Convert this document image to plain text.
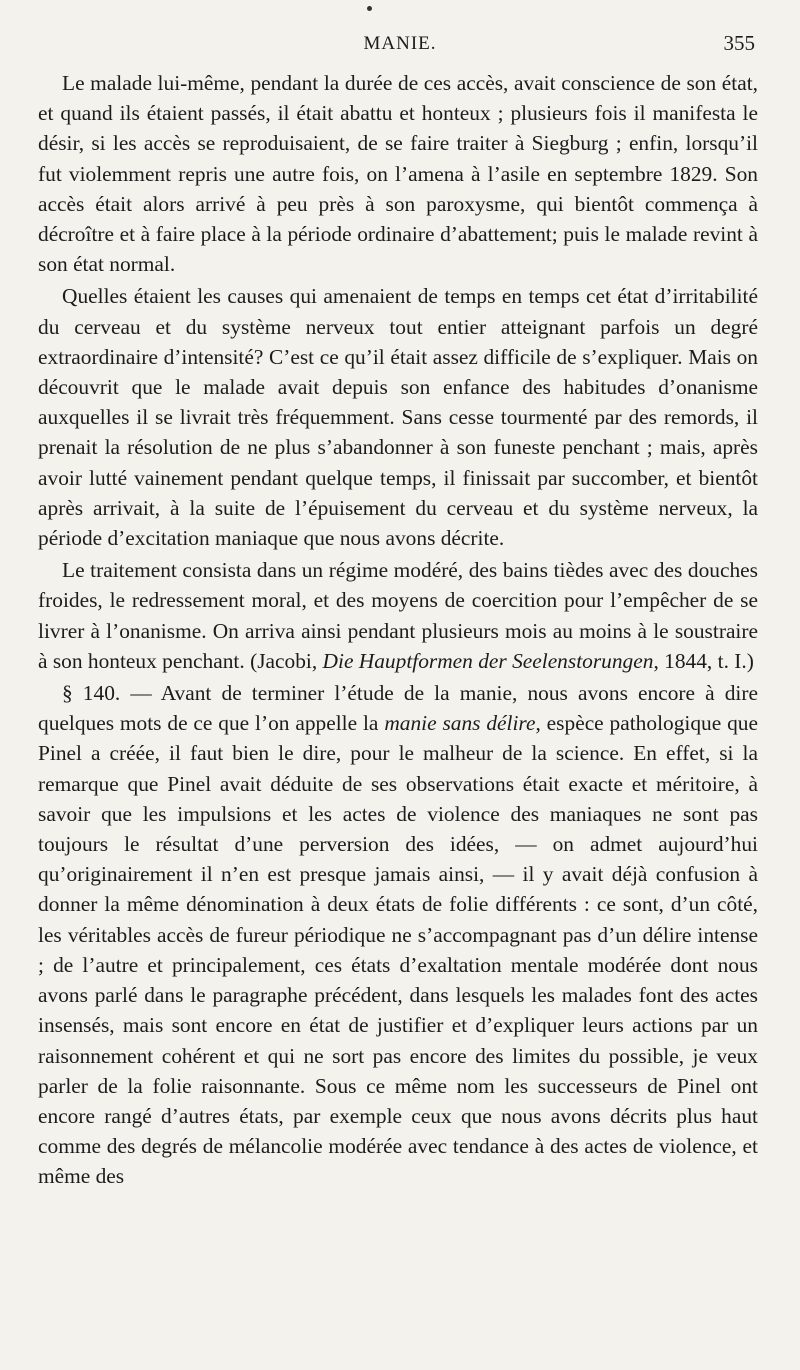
MANIE.	355

Le malade lui-même, pendant la durée de ces accès, avait conscience de son état, et quand ils étaient passés, il était abattu et honteux ; plusieurs fois il manifesta le désir, si les accès se reproduisaient, de se faire traiter à Siegburg ; enfin, lorsqu’il fut violemment repris une autre fois, on l’amena à l’asile en septembre 1829. Son accès était alors arrivé à peu près à son paroxysme, qui bientôt commença à décroître et à faire place à la période ordinaire d’abattement; puis le malade revint à son état normal.

Quelles étaient les causes qui amenaient de temps en temps cet état d’irritabilité du cerveau et du système nerveux tout entier atteignant parfois un degré extraordinaire d’intensité? C’est ce qu’il était assez difficile de s’expliquer. Mais on découvrit que le malade avait depuis son enfance des habitudes d’onanisme auxquelles il se livrait très fréquemment. Sans cesse tourmenté par des remords, il prenait la résolution de ne plus s’abandonner à son funeste penchant ; mais, après avoir lutté vainement pendant quelque temps, il finissait par succomber, et bientôt après arrivait, à la suite de l’épuisement du cerveau et du système nerveux, la période d’excitation maniaque que nous avons décrite.

Le traitement consista dans un régime modéré, des bains tièdes avec des douches froides, le redressement moral, et des moyens de coercition pour l’empêcher de se livrer à l’onanisme. On arriva ainsi pendant plusieurs mois au moins à le soustraire à son honteux penchant. (Jacobi, Die Hauptformen der Seelenstorungen, 1844, t. I.)

§ 140. — Avant de terminer l’étude de la manie, nous avons encore à dire quelques mots de ce que l’on appelle la manie sans délire, espèce pathologique que Pinel a créée, il faut bien le dire, pour le malheur de la science. En effet, si la remarque que Pinel avait déduite de ses observations était exacte et méritoire, à savoir que les impulsions et les actes de violence des maniaques ne sont pas toujours le résultat d’une perversion des idées, — on admet aujourd’hui qu’originairement il n’en est presque jamais ainsi, — il y avait déjà confusion à donner la même dénomination à deux états de folie différents : ce sont, d’un côté, les véritables accès de fureur périodique ne s’accompagnant pas d’un délire intense ; de l’autre et principalement, ces états d’exaltation mentale modérée dont nous avons parlé dans le paragraphe précédent, dans lesquels les malades font des actes insensés, mais sont encore en état de justifier et d’expliquer leurs actions par un raisonnement cohérent et qui ne sort pas encore des limites du possible, je veux parler de la folie raisonnante. Sous ce même nom les successeurs de Pinel ont encore rangé d’autres états, par exemple ceux que nous avons décrits plus haut comme des degrés de mélancolie modérée avec tendance à des actes de violence, et même des
